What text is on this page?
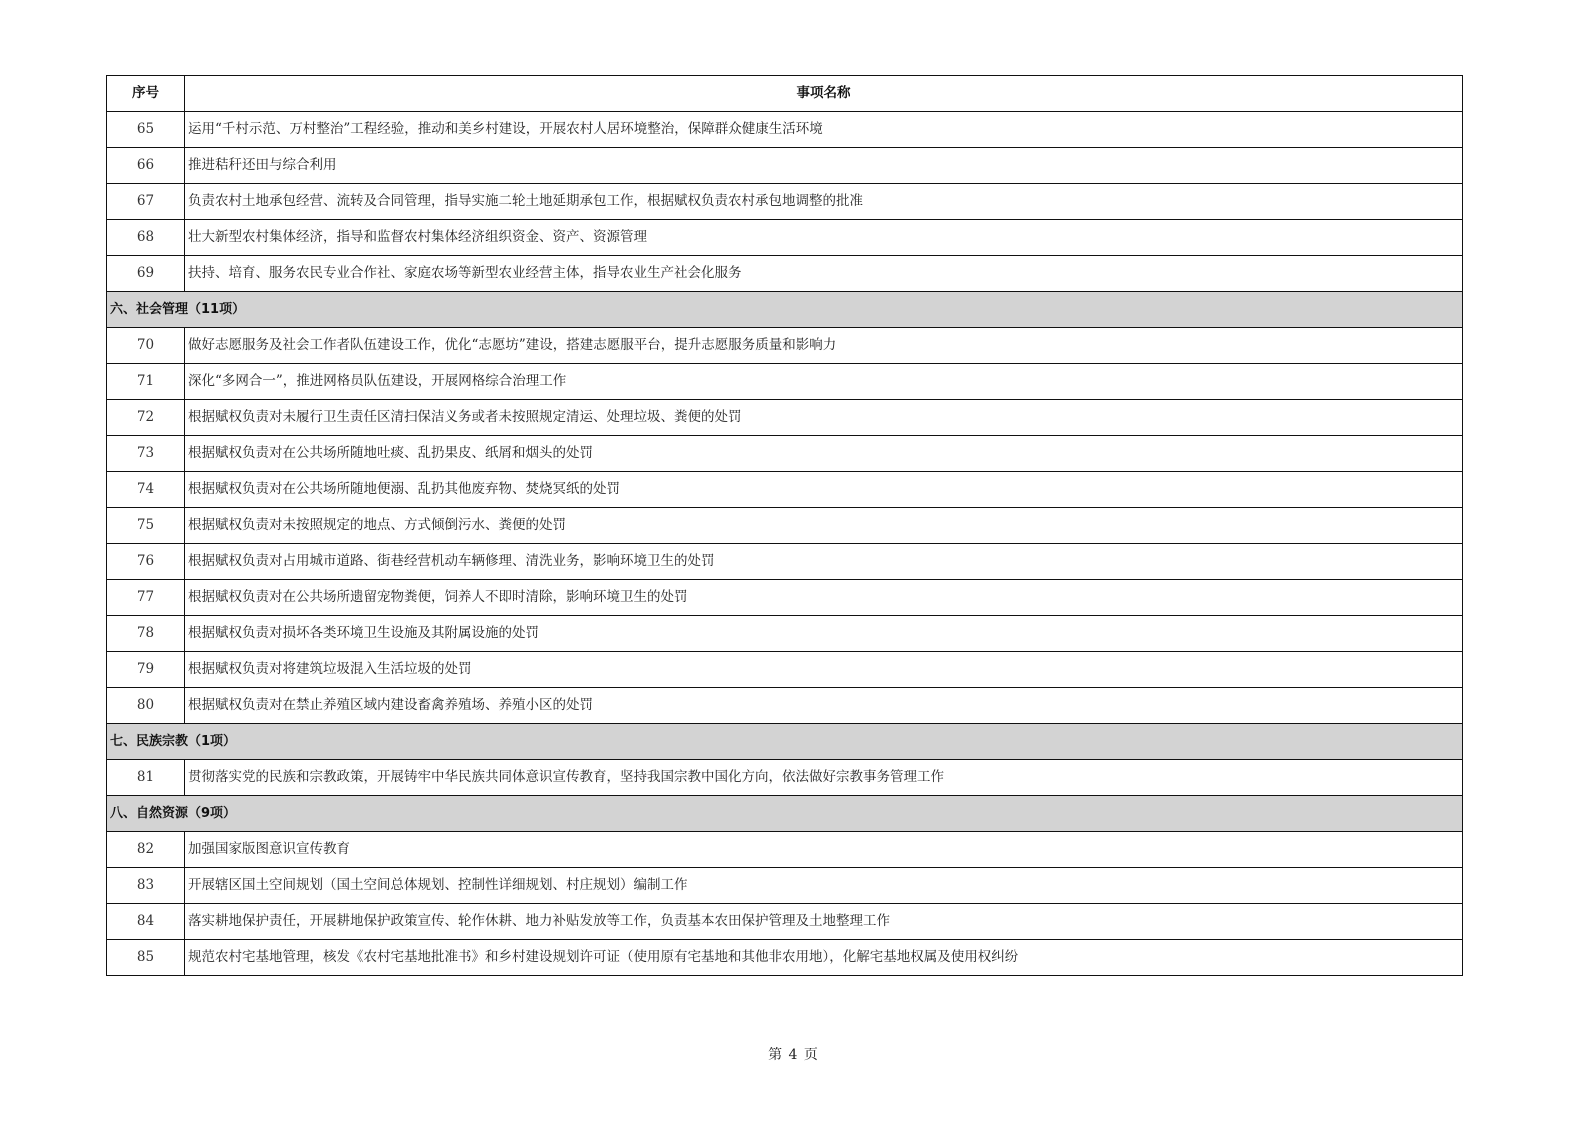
序号	事项名称
65	运用“千村示范、万村整治”工程经验，推动和美乡村建设，开展农村人居环境整治，保障群众健康生活环境
66	推进秸秆还田与综合利用
67	负责农村土地承包经营、流转及合同管理，指导实施二轮土地延期承包工作，根据赋权负责农村承包地调整的批准
68	壮大新型农村集体经济，指导和监督农村集体经济组织资金、资产、资源管理
69	扶持、培育、服务农民专业合作社、家庭农场等新型农业经营主体，指导农业生产社会化服务
六、社会管理（11项）	
70	做好志愿服务及社会工作者队伍建设工作，优化“志愿坊”建设，搭建志愿服平台，提升志愿服务质量和影响力
71	深化“多网合一”，推进网格员队伍建设，开展网格综合治理工作
72	根据赋权负责对未履行卫生责任区清扫保洁义务或者未按照规定清运、处理垃圾、粪便的处罚
73	根据赋权负责对在公共场所随地吐痰、乱扔果皮、纸屑和烟头的处罚
74	根据赋权负责对在公共场所随地便溺、乱扔其他废弃物、焚烧冥纸的处罚
75	根据赋权负责对未按照规定的地点、方式倾倒污水、粪便的处罚
76	根据赋权负责对占用城市道路、街巷经营机动车辆修理、清洗业务，影响环境卫生的处罚
77	根据赋权负责对在公共场所遗留宠物粪便，饲养人不即时清除，影响环境卫生的处罚
78	根据赋权负责对损坏各类环境卫生设施及其附属设施的处罚
79	根据赋权负责对将建筑垃圾混入生活垃圾的处罚
80	根据赋权负责对在禁止养殖区域内建设畜禽养殖场、养殖小区的处罚
七、民族宗教（1项）	
81	贯彻落实党的民族和宗教政策，开展铸牢中华民族共同体意识宣传教育，坚持我国宗教中国化方向，依法做好宗教事务管理工作
八、自然资源（9项）	
82	加强国家版图意识宣传教育
83	开展辖区国土空间规划（国土空间总体规划、控制性详细规划、村庄规划）编制工作
84	落实耕地保护责任，开展耕地保护政策宣传、轮作休耕、地力补贴发放等工作，负责基本农田保护管理及土地整理工作
85	规范农村宅基地管理，核发《农村宅基地批准书》和乡村建设规划许可证（使用原有宅基地和其他非农用地），化解宅基地权属及使用权纠纷
第 4 页
